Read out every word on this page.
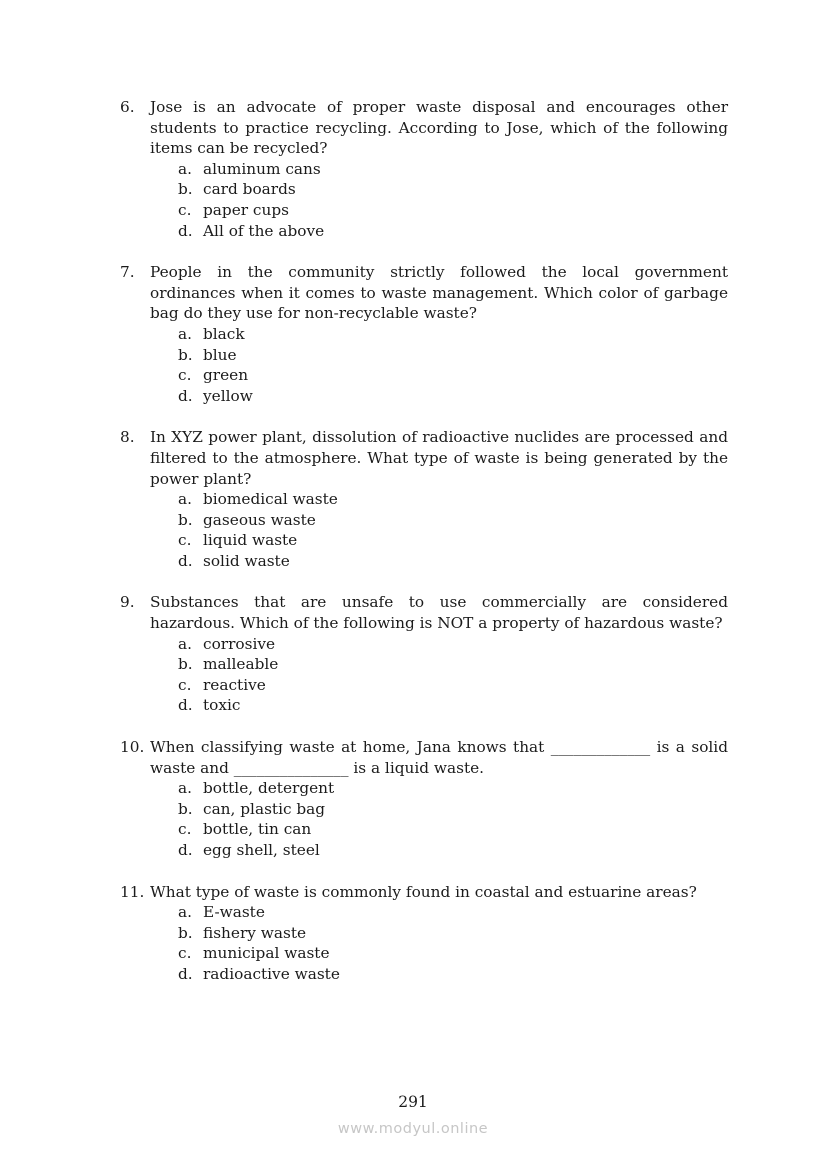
6.	Jose is an advocate of proper waste disposal and encourages other students to practice recycling. According to Jose, which of the following items can be recycled?
a. aluminum cans
b. card boards
c. paper cups
d. All of the above
7.	People in the community strictly followed the local government ordinances when it comes to waste management. Which color of garbage bag do they use for non-recyclable waste?
a. black
b. blue
c. green
d. yellow
8.	In XYZ power plant, dissolution of radioactive nuclides are processed and filtered to the atmosphere. What type of waste is being generated by the power plant?
a. biomedical waste
b. gaseous waste
c. liquid waste
d. solid waste
9.	Substances that are unsafe to use commercially are considered hazardous. Which of the following is NOT a property of hazardous waste?
a. corrosive
b. malleable
c. reactive
d. toxic
10. When classifying waste at home, Jana knows that _____________ is a solid waste and _______________ is a liquid waste.
a. bottle, detergent
b. can, plastic bag
c. bottle, tin can
d. egg shell, steel
11. What type of waste is commonly found in coastal and estuarine areas?
a. E-waste
b. fishery waste
c. municipal waste
d. radioactive waste
291
www.modyul.online
